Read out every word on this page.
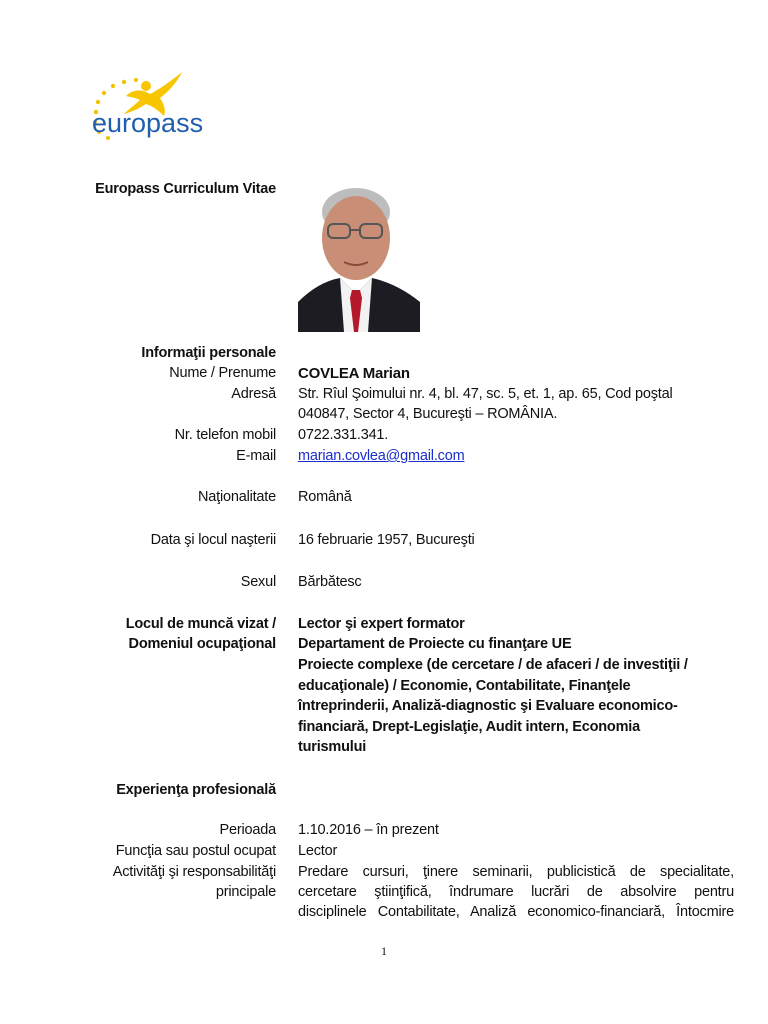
europass
Europass Curriculum Vitae
Informaţii personale
Nume / Prenume COVLEA Marian
Adresă Str. Rîul Şoimului nr. 4, bl. 47, sc. 5, et. 1, ap. 65, Cod poştal
040847, Sector 4, Bucureşti – ROMÂNIA.
Nr. telefon mobil 0722.331.341.
E-mail marian.covlea@gmail.com
Naţionalitate Română
Data şi locul naşterii 16 februarie 1957, Bucureşti
Sexul Bărbătesc
Locul de muncă vizat /
Domeniul ocupaţional
Lector şi expert formator
Departament de Proiecte cu finanţare UE
Proiecte complexe (de cercetare / de afaceri / de investiţii /
educaţionale) / Economie, Contabilitate, Finanţele
întreprinderii, Analiză-diagnostic şi Evaluare economico-
financiară, Drept-Legislaţie, Audit intern, Economia
turismului
Experienţa profesională
Perioada 1.10.2016 – în prezent
Funcţia sau postul ocupat Lector
Activităţi şi responsabilităţi
principale
Predare cursuri, ţinere seminarii, publicistică de specialitate,
cercetare ştiinţifică, îndrumare lucrări de absolvire pentru
disciplinele Contabilitate, Analiză economico-financiară, Întocmire
1
